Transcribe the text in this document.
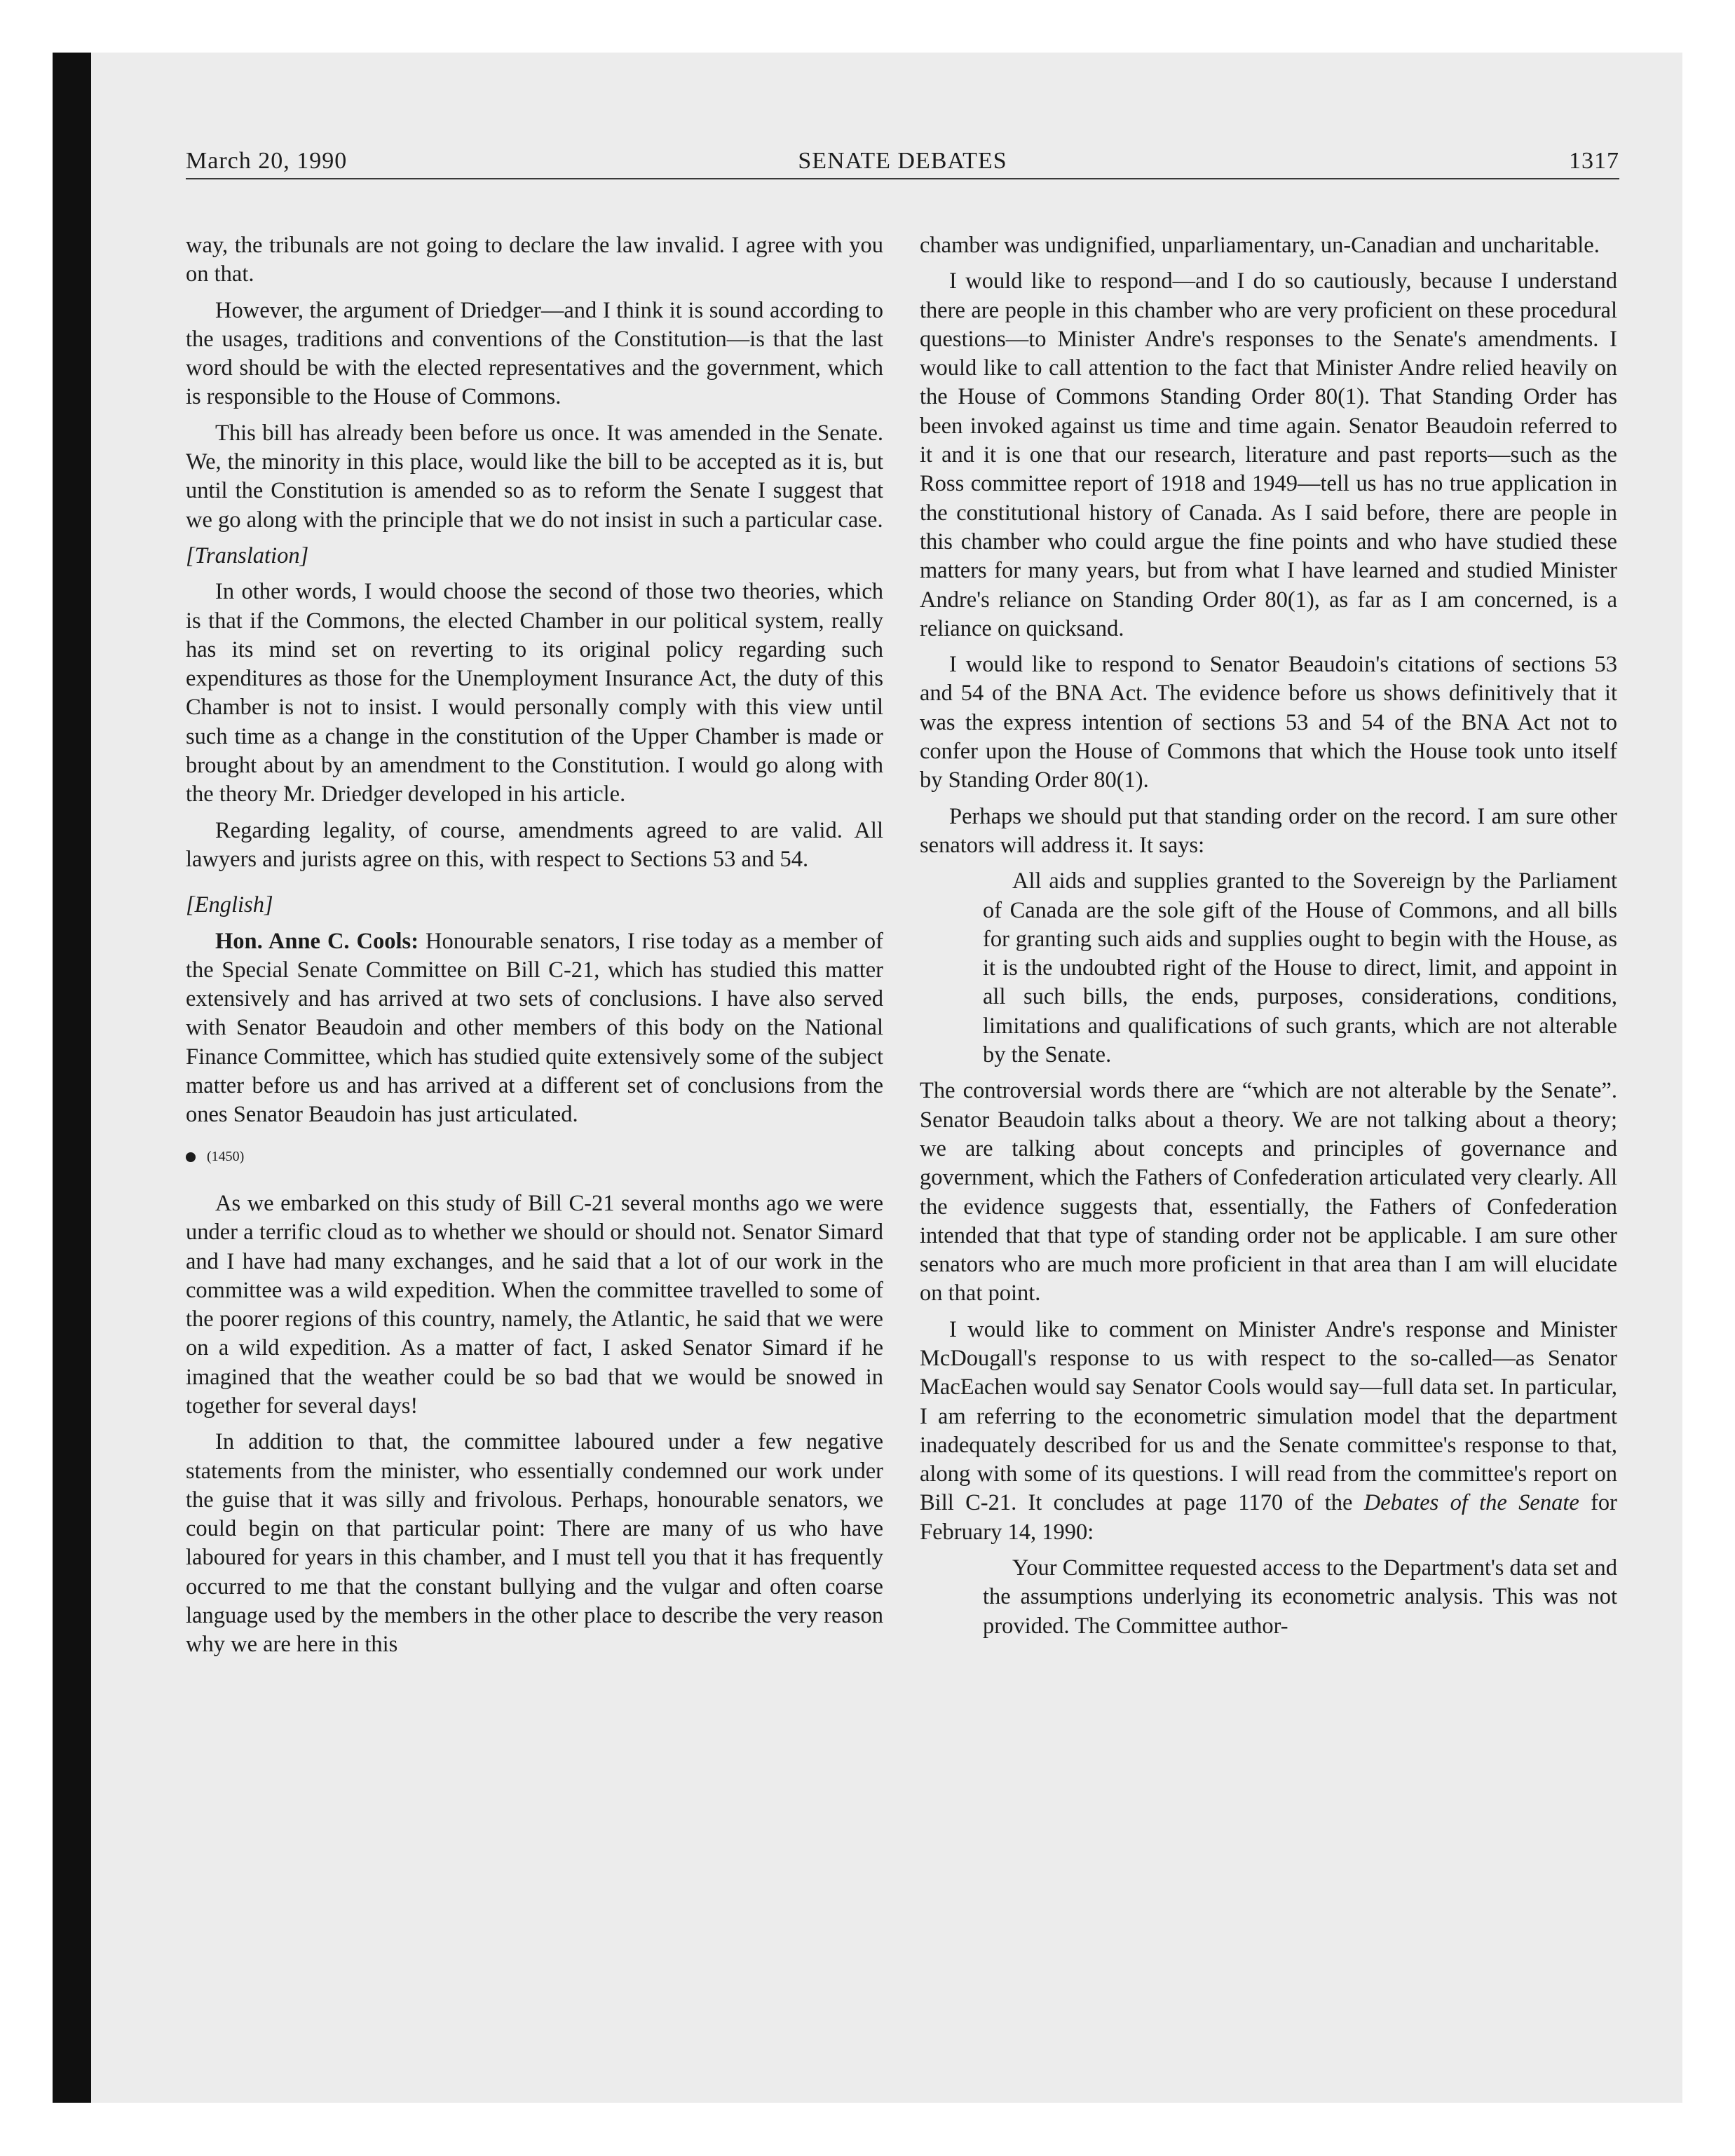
March 20, 1990	SENATE DEBATES	1317

way, the tribunals are not going to declare the law invalid. I agree with you on that.

However, the argument of Driedger—and I think it is sound according to the usages, traditions and conventions of the Constitution—is that the last word should be with the elected representatives and the government, which is responsible to the House of Commons.

This bill has already been before us once. It was amended in the Senate. We, the minority in this place, would like the bill to be accepted as it is, but until the Constitution is amended so as to reform the Senate I suggest that we go along with the principle that we do not insist in such a particular case.

[Translation]

In other words, I would choose the second of those two theories, which is that if the Commons, the elected Chamber in our political system, really has its mind set on reverting to its original policy regarding such expenditures as those for the Unemployment Insurance Act, the duty of this Chamber is not to insist. I would personally comply with this view until such time as a change in the constitution of the Upper Chamber is made or brought about by an amendment to the Constitution. I would go along with the theory Mr. Driedger developed in his article.

Regarding legality, of course, amendments agreed to are valid. All lawyers and jurists agree on this, with respect to Sections 53 and 54.

[English]

Hon. Anne C. Cools: Honourable senators, I rise today as a member of the Special Senate Committee on Bill C-21, which has studied this matter extensively and has arrived at two sets of conclusions. I have also served with Senator Beaudoin and other members of this body on the National Finance Committee, which has studied quite extensively some of the subject matter before us and has arrived at a different set of conclusions from the ones Senator Beaudoin has just articulated.

(1450)

As we embarked on this study of Bill C-21 several months ago we were under a terrific cloud as to whether we should or should not. Senator Simard and I have had many exchanges, and he said that a lot of our work in the committee was a wild expedition. When the committee travelled to some of the poorer regions of this country, namely, the Atlantic, he said that we were on a wild expedition. As a matter of fact, I asked Senator Simard if he imagined that the weather could be so bad that we would be snowed in together for several days!

In addition to that, the committee laboured under a few negative statements from the minister, who essentially condemned our work under the guise that it was silly and frivolous. Perhaps, honourable senators, we could begin on that particular point: There are many of us who have laboured for years in this chamber, and I must tell you that it has frequently occurred to me that the constant bullying and the vulgar and often coarse language used by the members in the other place to describe the very reason why we are here in this

chamber was undignified, unparliamentary, un-Canadian and uncharitable.

I would like to respond—and I do so cautiously, because I understand there are people in this chamber who are very proficient on these procedural questions—to Minister Andre's responses to the Senate's amendments. I would like to call attention to the fact that Minister Andre relied heavily on the House of Commons Standing Order 80(1). That Standing Order has been invoked against us time and time again. Senator Beaudoin referred to it and it is one that our research, literature and past reports—such as the Ross committee report of 1918 and 1949—tell us has no true application in the constitutional history of Canada. As I said before, there are people in this chamber who could argue the fine points and who have studied these matters for many years, but from what I have learned and studied Minister Andre's reliance on Standing Order 80(1), as far as I am concerned, is a reliance on quicksand.

I would like to respond to Senator Beaudoin's citations of sections 53 and 54 of the BNA Act. The evidence before us shows definitively that it was the express intention of sections 53 and 54 of the BNA Act not to confer upon the House of Commons that which the House took unto itself by Standing Order 80(1).

Perhaps we should put that standing order on the record. I am sure other senators will address it. It says:

All aids and supplies granted to the Sovereign by the Parliament of Canada are the sole gift of the House of Commons, and all bills for granting such aids and supplies ought to begin with the House, as it is the undoubted right of the House to direct, limit, and appoint in all such bills, the ends, purposes, considerations, conditions, limitations and qualifications of such grants, which are not alterable by the Senate.

The controversial words there are “which are not alterable by the Senate”. Senator Beaudoin talks about a theory. We are not talking about a theory; we are talking about concepts and principles of governance and government, which the Fathers of Confederation articulated very clearly. All the evidence suggests that, essentially, the Fathers of Confederation intended that that type of standing order not be applicable. I am sure other senators who are much more proficient in that area than I am will elucidate on that point.

I would like to comment on Minister Andre's response and Minister McDougall's response to us with respect to the so-called—as Senator MacEachen would say Senator Cools would say—full data set. In particular, I am referring to the econometric simulation model that the department inadequately described for us and the Senate committee's response to that, along with some of its questions. I will read from the committee's report on Bill C-21. It concludes at page 1170 of the Debates of the Senate for February 14, 1990:

Your Committee requested access to the Department's data set and the assumptions underlying its econometric analysis. This was not provided. The Committee author-
